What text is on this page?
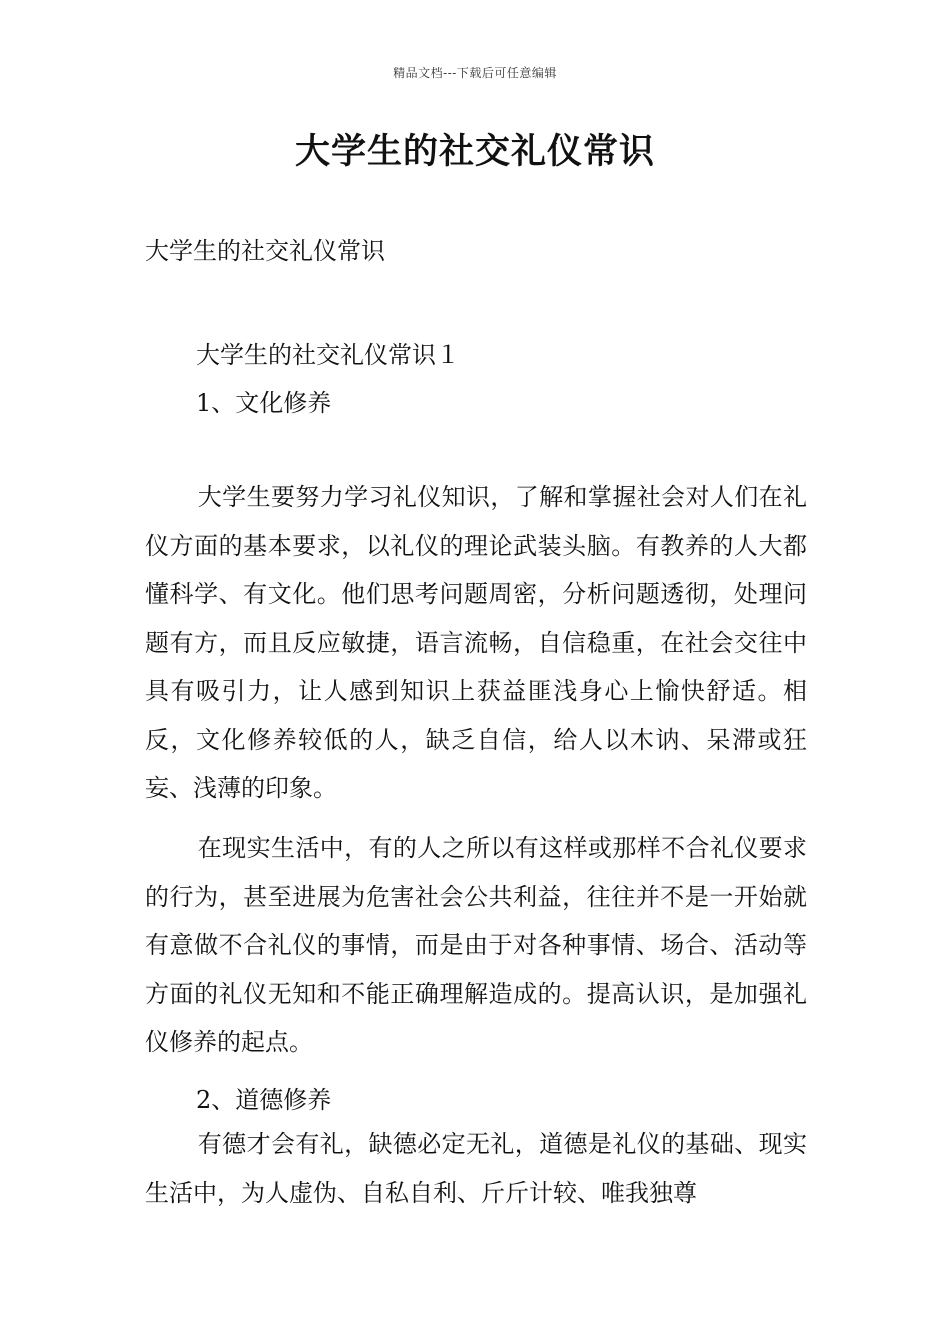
精品文档---下载后可任意编辑
大学生的社交礼仪常识

大学生的社交礼仪常识

大学生的社交礼仪常识１

1、文化修养

大学生要努力学习礼仪知识，了解和掌握社会对人们在礼仪方面的基本要求，以礼仪的理论武装头脑。有教养的人大都懂科学、有文化。他们思考问题周密，分析问题透彻，处理问题有方，而且反应敏捷，语言流畅，自信稳重，在社会交往中具有吸引力，让人感到知识上获益匪浅身心上愉快舒适。相反，文化修养较低的人，缺乏自信，给人以木讷、呆滞或狂妄、浅薄的印象。

在现实生活中，有的人之所以有这样或那样不合礼仪要求的行为，甚至进展为危害社会公共利益，往往并不是一开始就有意做不合礼仪的事情，而是由于对各种事情、场合、活动等方面的礼仪无知和不能正确理解造成的。提高认识，是加强礼仪修养的起点。

2、道德修养

有德才会有礼，缺德必定无礼，道德是礼仪的基础、现实生活中，为人虚伪、自私自利、斤斤计较、唯我独尊
